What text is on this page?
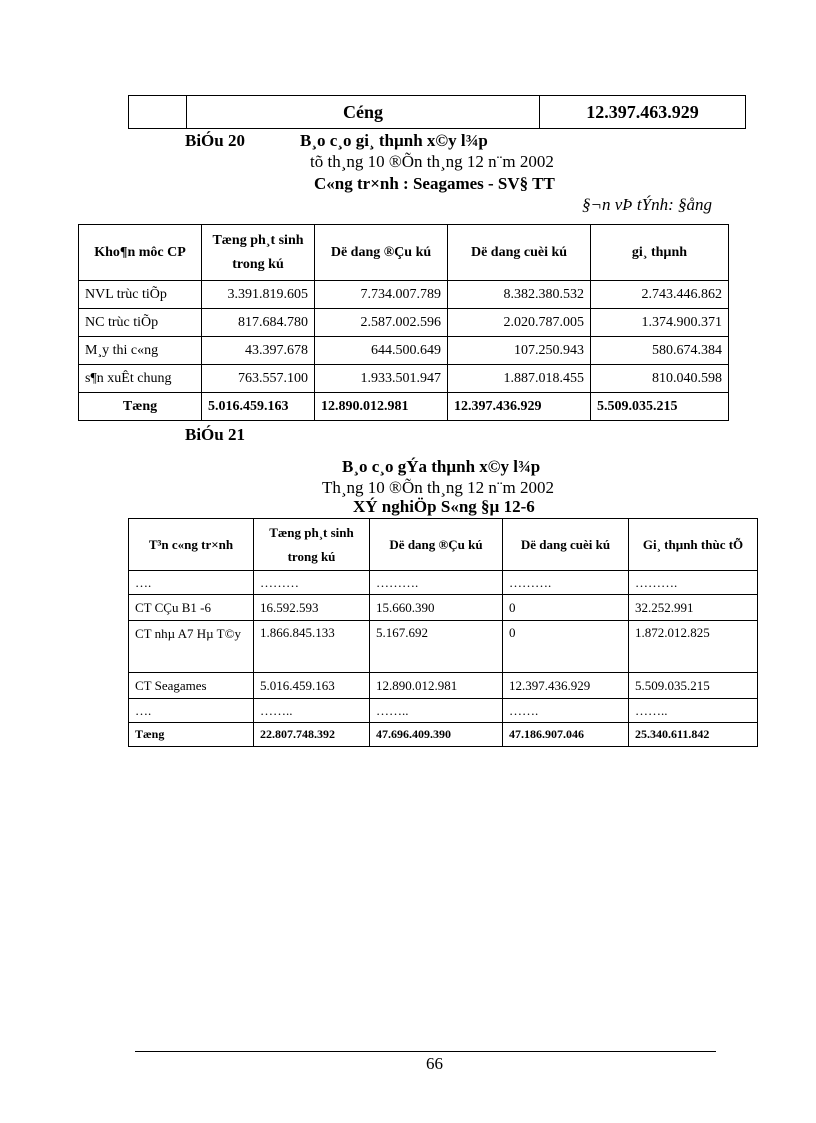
	Céng	12.397.463.929
BiÓu 20	B¸o c¸o gi¸ thµnh x©y l¾p
tõ th¸ng 10 ®Õn th¸ng 12 n¨m 2002
C«ng tr×nh : Seagames - SV§ TT
§¬n vÞ tÝnh: §ång
Kho¶n môc CP	Tæng ph¸t sinh trong kú	Dë dang ®Çu kú	Dë dang cuèi kú	gi¸ thµnh
NVL trùc tiÕp	3.391.819.605	7.734.007.789	8.382.380.532	2.743.446.862
NC trùc tiÕp	817.684.780	2.587.002.596	2.020.787.005	1.374.900.371
M¸y thi c«ng	43.397.678	644.500.649	107.250.943	580.674.384
s¶n xuÊt chung	763.557.100	1.933.501.947	1.887.018.455	810.040.598
Tæng	5.016.459.163	12.890.012.981	12.397.436.929	5.509.035.215
BiÓu 21
B¸o c¸o gÝa thµnh x©y l¾p
Th¸ng 10 ®Õn th¸ng 12 n¨m 2002
XÝ nghiÖp S«ng §µ 12-6
T³n c«ng tr×nh	Tæng ph¸t sinh trong kú	Dë dang ®Çu kú	Dë dang cuèi kú	Gi¸ thµnh thùc tÕ
….	………	……….	……….	……….
CT CÇu B1 -6	16.592.593	15.660.390	0	32.252.991
CT nhµ A7 Hµ T©y	1.866.845.133	5.167.692	0	1.872.012.825
CT Seagames	5.016.459.163	12.890.012.981	12.397.436.929	5.509.035.215
….	……..	……..	…….	……..
Tæng	22.807.748.392	47.696.409.390	47.186.907.046	25.340.611.842
66
